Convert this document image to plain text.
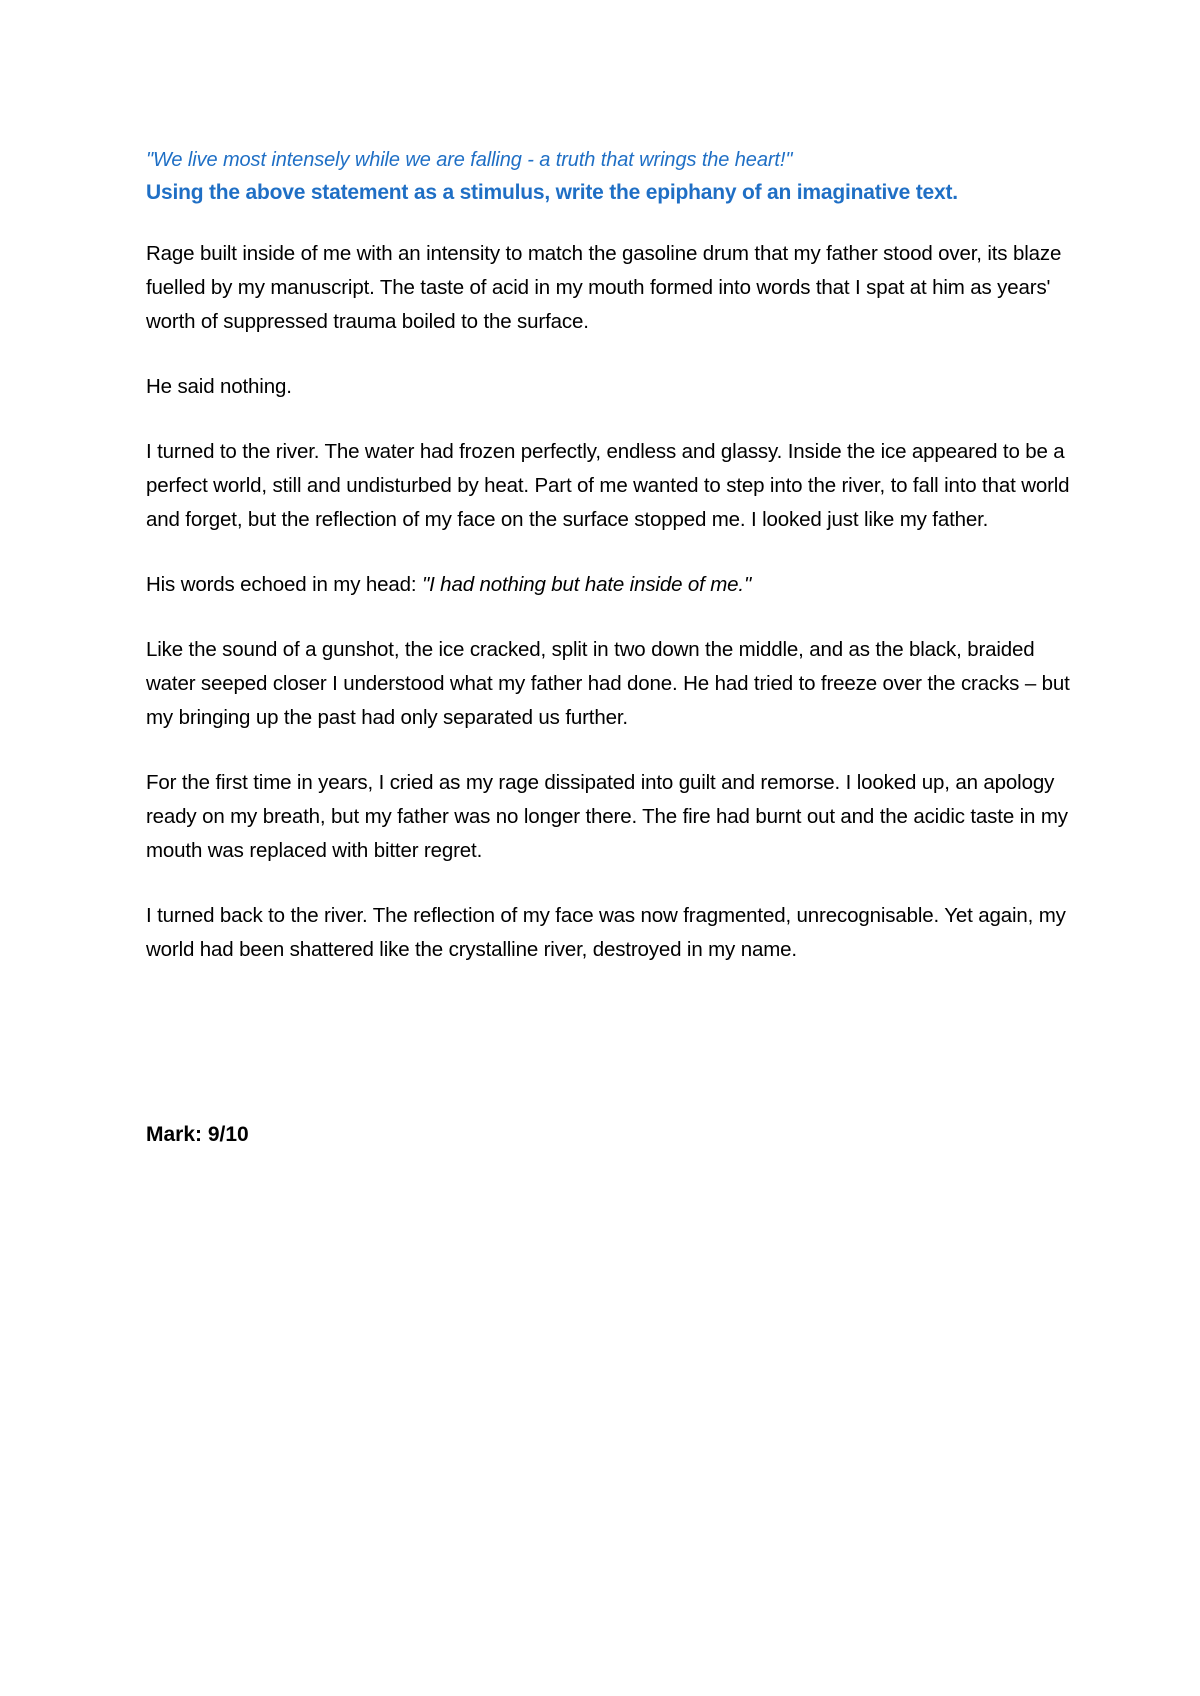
"We live most intensely while we are falling - a truth that wrings the heart!"

Using the above statement as a stimulus, write the epiphany of an imaginative text.

Rage built inside of me with an intensity to match the gasoline drum that my father stood over, its blaze fuelled by my manuscript. The taste of acid in my mouth formed into words that I spat at him as years' worth of suppressed trauma boiled to the surface.

He said nothing.

I turned to the river. The water had frozen perfectly, endless and glassy. Inside the ice appeared to be a perfect world, still and undisturbed by heat. Part of me wanted to step into the river, to fall into that world and forget, but the reflection of my face on the surface stopped me. I looked just like my father.

His words echoed in my head: "I had nothing but hate inside of me."

Like the sound of a gunshot, the ice cracked, split in two down the middle, and as the black, braided water seeped closer I understood what my father had done. He had tried to freeze over the cracks – but my bringing up the past had only separated us further.

For the first time in years, I cried as my rage dissipated into guilt and remorse. I looked up, an apology ready on my breath, but my father was no longer there. The fire had burnt out and the acidic taste in my mouth was replaced with bitter regret.

I turned back to the river. The reflection of my face was now fragmented, unrecognisable. Yet again, my world had been shattered like the crystalline river, destroyed in my name.

Mark: 9/10
